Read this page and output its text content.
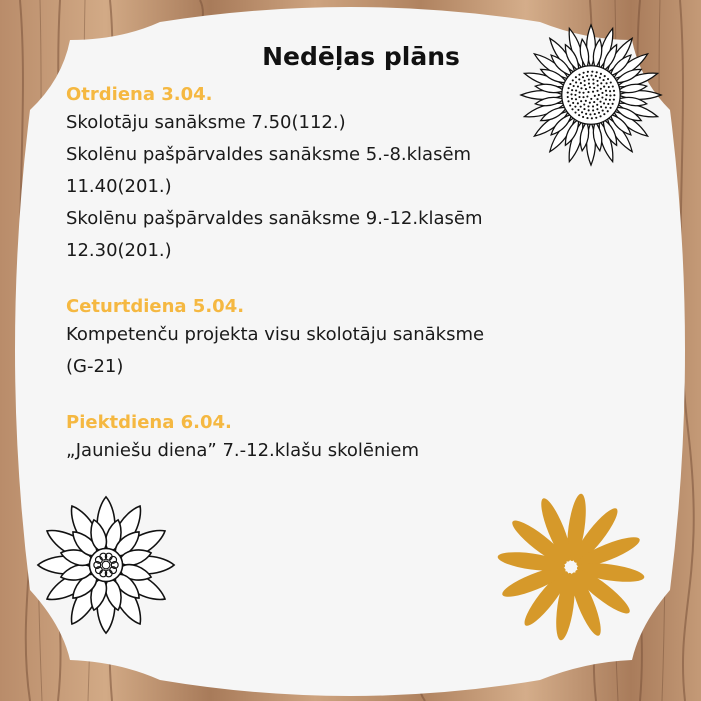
Nedēļas plāns

Otrdiena 3.04.

Skolotāju sanāksme 7.50(112.)

Skolēnu pašpārvaldes sanāksme 5.-8.klasēm

11.40(201.)

Skolēnu pašpārvaldes sanāksme 9.-12.klasēm

12.30(201.)

Ceturtdiena 5.04.

Kompetenču projekta visu skolotāju sanāksme

(G-21)

Piektdiena 6.04.

„Jauniešu diena” 7.-12.klašu skolēniem
